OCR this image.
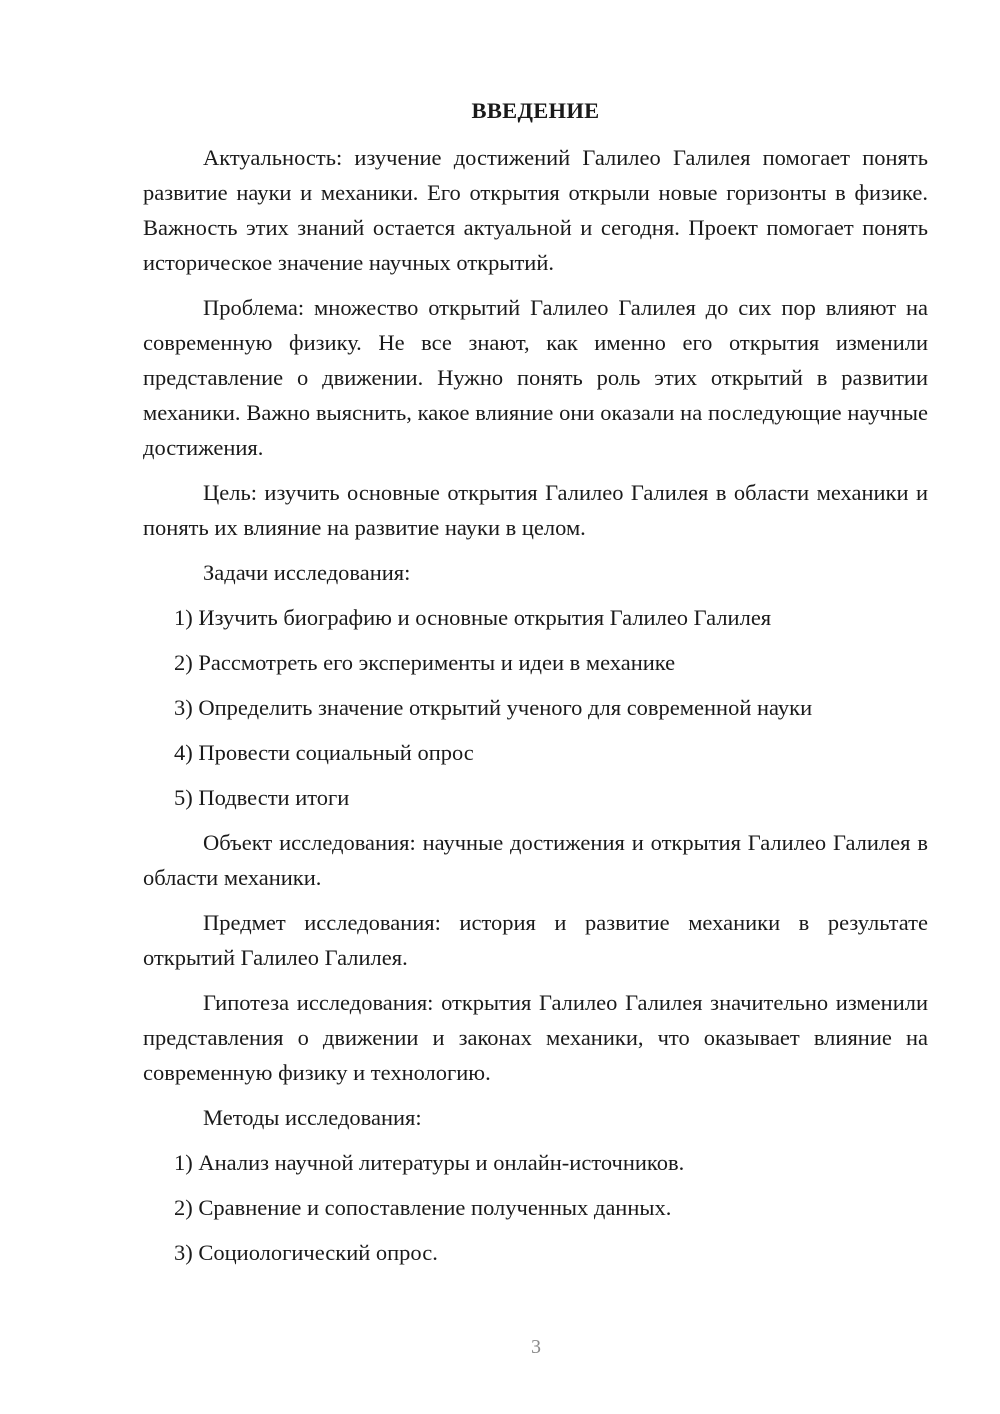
ВВЕДЕНИЕ

Актуальность: изучение достижений Галилео Галилея помогает понять развитие науки и механики. Его открытия открыли новые горизонты в физике. Важность этих знаний остается актуальной и сегодня. Проект помогает понять историческое значение научных открытий.

Проблема: множество открытий Галилео Галилея до сих пор влияют на современную физику. Не все знают, как именно его открытия изменили представление о движении. Нужно понять роль этих открытий в развитии механики. Важно выяснить, какое влияние они оказали на последующие научные достижения.

Цель: изучить основные открытия Галилео Галилея в области механики и понять их влияние на развитие науки в целом.

Задачи исследования:

1) Изучить биографию и основные открытия Галилео Галилея

2) Рассмотреть его эксперименты и идеи в механике

3) Определить значение открытий ученого для современной науки

4) Провести социальный опрос

5) Подвести итоги

Объект исследования: научные достижения и открытия Галилео Галилея в области механики.

Предмет исследования: история и развитие механики в результате открытий Галилео Галилея.

Гипотеза исследования: открытия Галилео Галилея значительно изменили представления о движении и законах механики, что оказывает влияние на современную физику и технологию.

Методы исследования:

1) Анализ научной литературы и онлайн-источников.

2) Сравнение и сопоставление полученных данных.

3) Социологический опрос.

3
